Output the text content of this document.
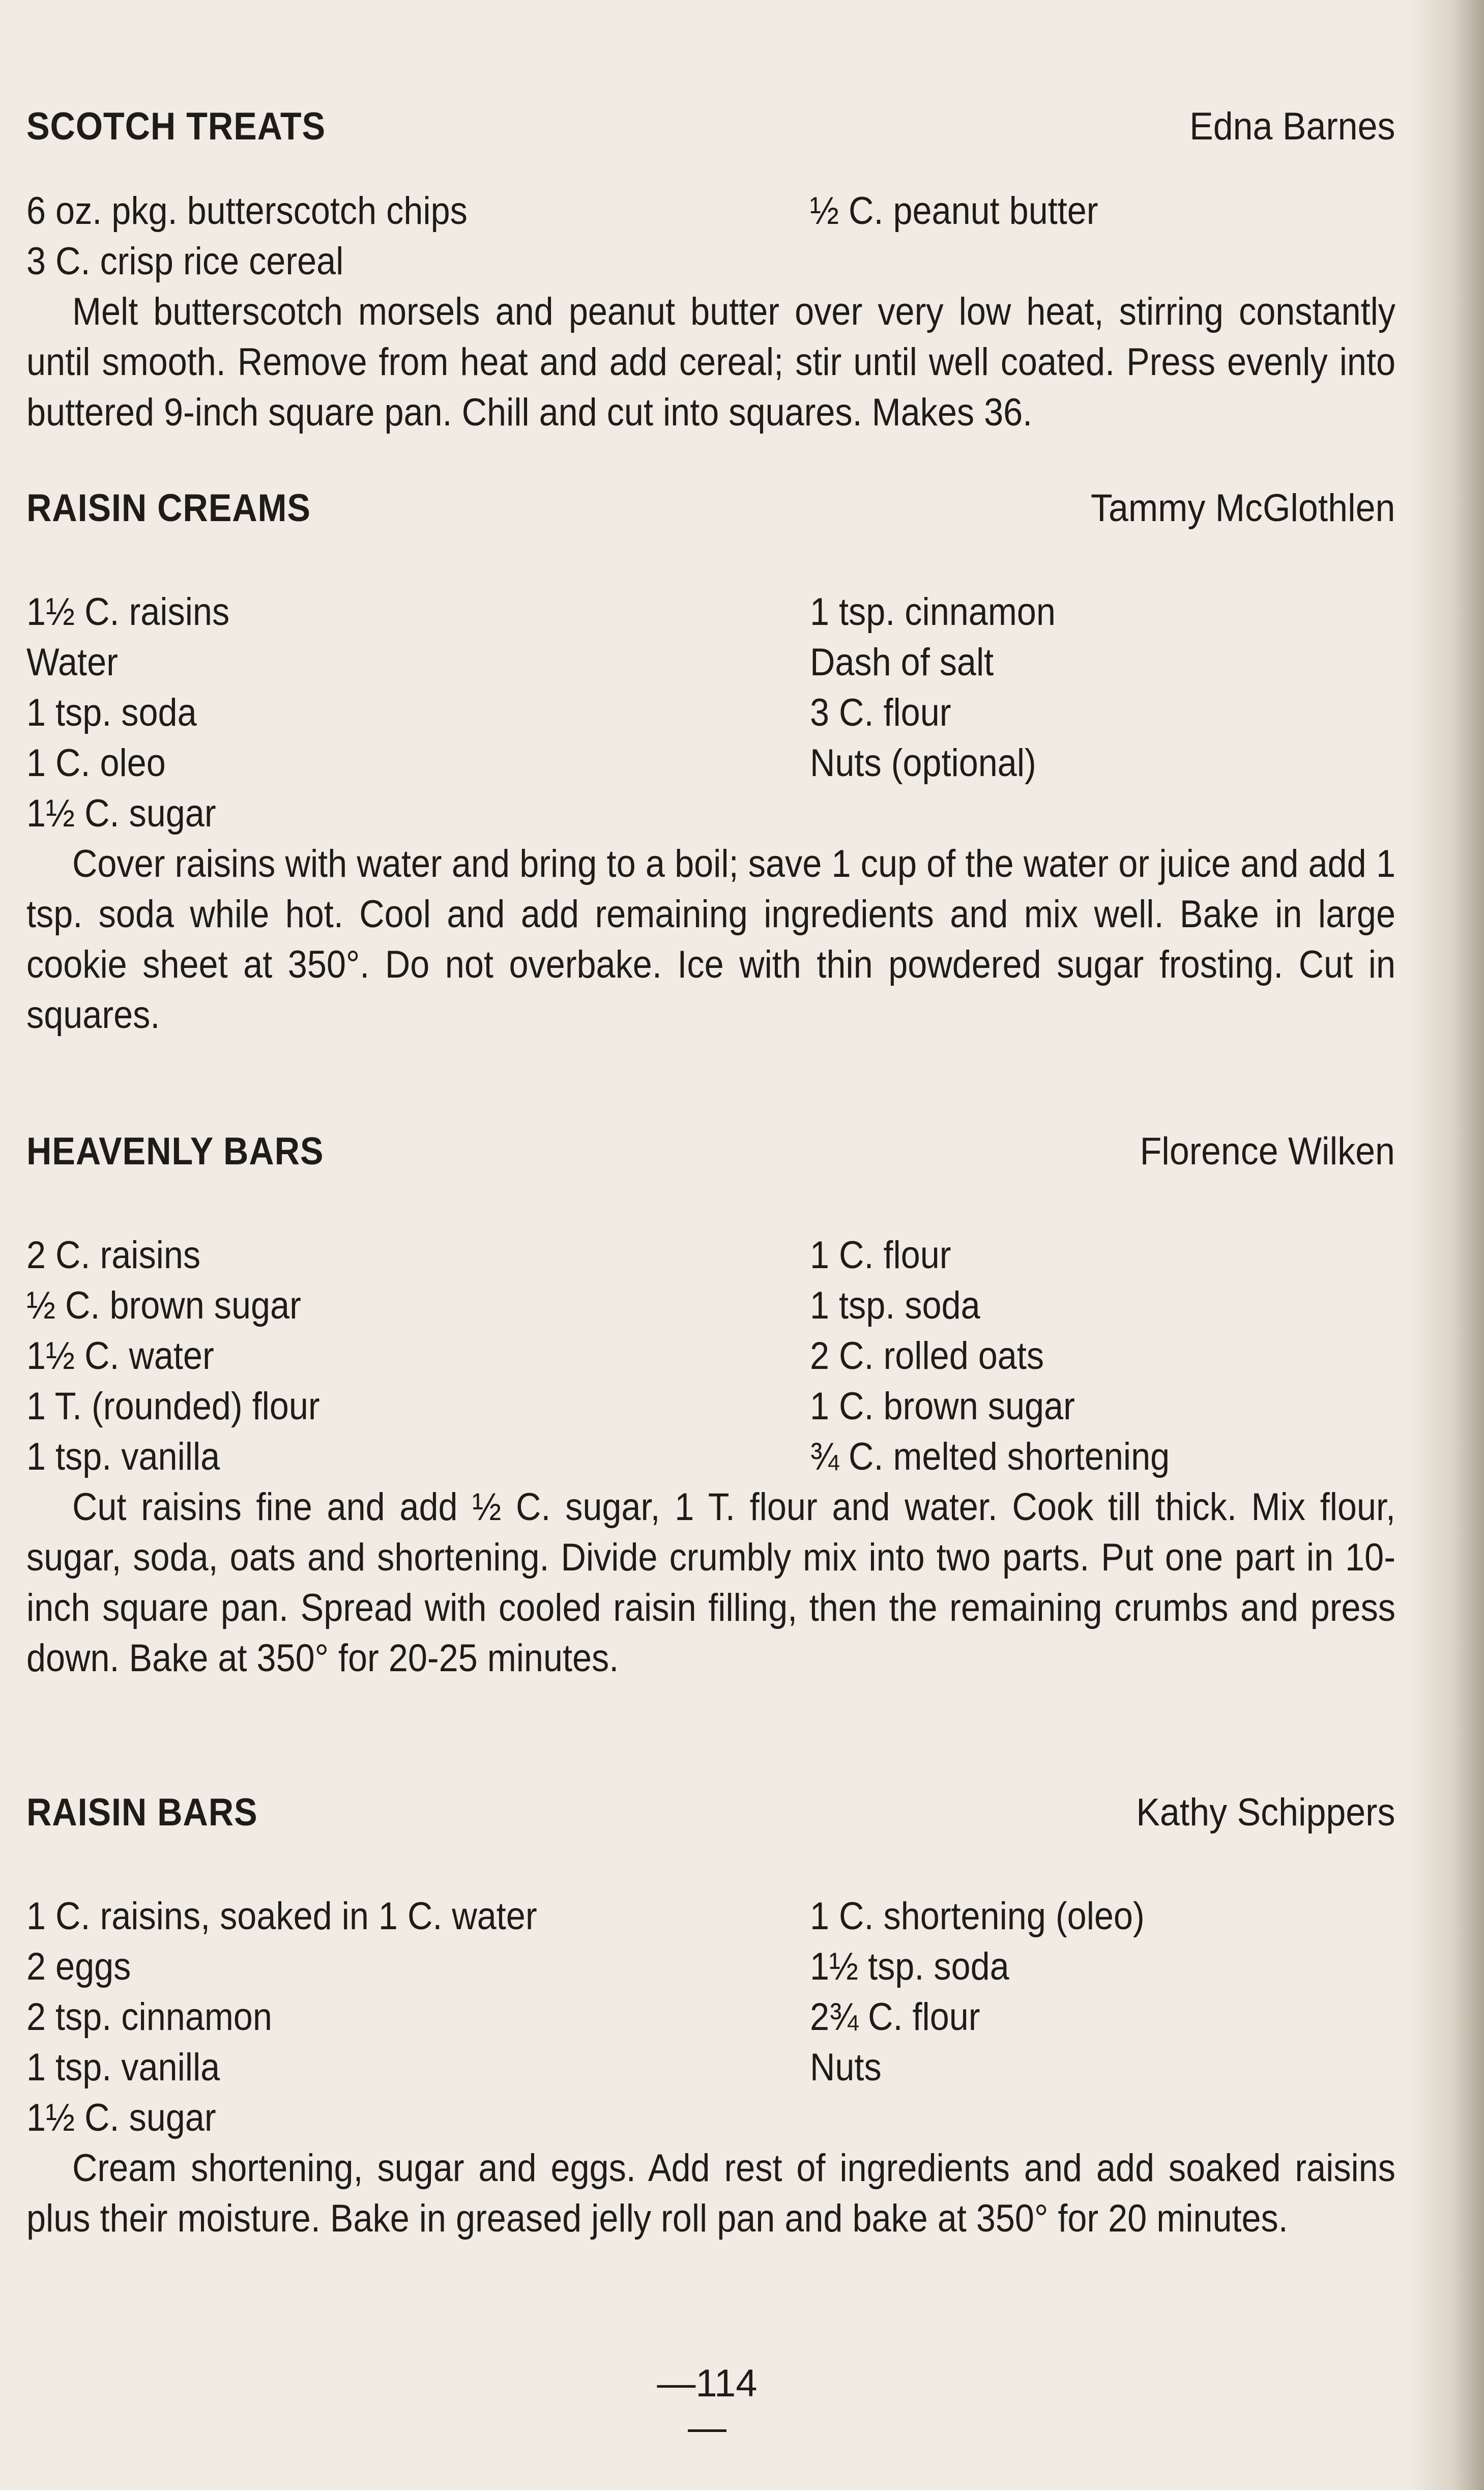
SCOTCH TREATS	Edna Barnes
6 oz. pkg. butterscotch chips	½ C. peanut butter
3 C. crisp rice cereal

Melt butterscotch morsels and peanut butter over very low heat, stirring constantly until smooth. Remove from heat and add cereal; stir until well coated. Press evenly into buttered 9-inch square pan. Chill and cut into squares. Makes 36.

RAISIN CREAMS	Tammy McGlothlen
1½ C. raisins	1 tsp. cinnamon
Water	Dash of salt
1 tsp. soda	3 C. flour
1 C. oleo	Nuts (optional)
1½ C. sugar

Cover raisins with water and bring to a boil; save 1 cup of the water or juice and add 1 tsp. soda while hot. Cool and add remaining ingredients and mix well. Bake in large cookie sheet at 350°. Do not overbake. Ice with thin powdered sugar frosting. Cut in squares.

HEAVENLY BARS	Florence Wilken
2 C. raisins	1 C. flour
½ C. brown sugar	1 tsp. soda
1½ C. water	2 C. rolled oats
1 T. (rounded) flour	1 C. brown sugar
1 tsp. vanilla	¾ C. melted shortening

Cut raisins fine and add ½ C. sugar, 1 T. flour and water. Cook till thick. Mix flour, sugar, soda, oats and shortening. Divide crumbly mix into two parts. Put one part in 10-inch square pan. Spread with cooled raisin filling, then the remaining crumbs and press down. Bake at 350° for 20-25 minutes.

RAISIN BARS	Kathy Schippers
1 C. raisins, soaked in 1 C. water	1 C. shortening (oleo)
2 eggs	1½ tsp. soda
2 tsp. cinnamon	2¾ C. flour
1 tsp. vanilla	Nuts
1½ C. sugar

Cream shortening, sugar and eggs. Add rest of ingredients and add soaked raisins plus their moisture. Bake in greased jelly roll pan and bake at 350° for 20 minutes.

—114—
